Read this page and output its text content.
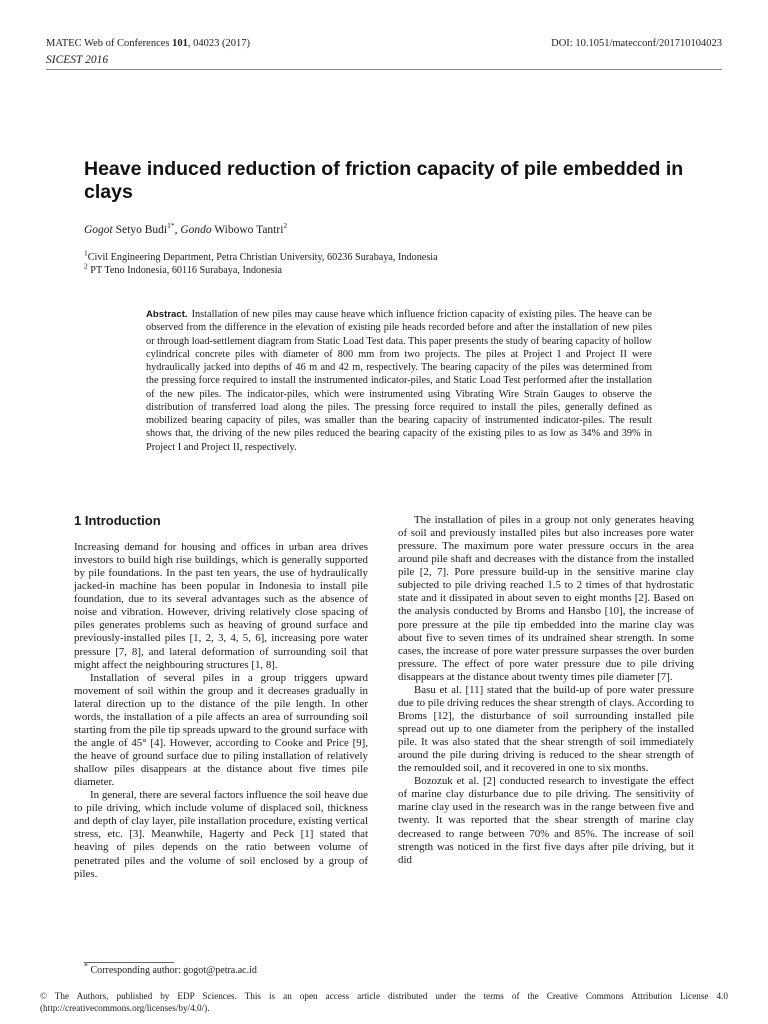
MATEC Web of Conferences 101, 04023 (2017)	DOI: 10.1051/matecconf/201710104023
SICEST 2016
Heave induced reduction of friction capacity of pile embedded in clays
Gogot Setyo Budi$^{1*}$, Gondo Wibowo Tantri$^2$
$^1$Civil Engineering Department, Petra Christian University, 60236 Surabaya, Indonesia
$^2$ PT Teno Indonesia, 60116 Surabaya, Indonesia
Abstract. Installation of new piles may cause heave which influence friction capacity of existing piles. The heave can be observed from the difference in the elevation of existing pile heads recorded before and after the installation of new piles or through load-settlement diagram from Static Load Test data. This paper presents the study of bearing capacity of hollow cylindrical concrete piles with diameter of 800 mm from two projects. The piles at Project I and Project II were hydraulically jacked into depths of 46 m and 42 m, respectively. The bearing capacity of the piles was determined from the pressing force required to install the instrumented indicator-piles, and Static Load Test performed after the installation of the new piles. The indicator-piles, which were instrumented using Vibrating Wire Strain Gauges to observe the distribution of transferred load along the piles. The pressing force required to install the piles, generally defined as mobilized bearing capacity of piles, was smaller than the bearing capacity of instrumented indicator-piles. The result shows that, the driving of the new piles reduced the bearing capacity of the existing piles to as low as 34% and 39% in Project I and Project II, respectively.
1 Introduction

Increasing demand for housing and offices in urban area drives investors to build high rise buildings, which is generally supported by pile foundations. In the past ten years, the use of hydraulically jacked-in machine has been popular in Indonesia to install pile foundation, due to its several advantages such as the absence of noise and vibration. However, driving relatively close spacing of piles generates problems such as heaving of ground surface and previously-installed piles [1, 2, 3, 4, 5, 6], increasing pore water pressure [7, 8], and lateral deformation of surrounding soil that might affect the neighbouring structures [1, 8].

Installation of several piles in a group triggers upward movement of soil within the group and it decreases gradually in lateral direction up to the distance of the pile length. In other words, the installation of a pile affects an area of surrounding soil starting from the pile tip spreads upward to the ground surface with the angle of 45° [4]. However, according to Cooke and Price [9], the heave of ground surface due to piling installation of relatively shallow piles disappears at the distance about five times pile diameter.

In general, there are several factors influence the soil heave due to pile driving, which include volume of displaced soil, thickness and depth of clay layer, pile installation procedure, existing vertical stress, etc. [3]. Meanwhile, Hagerty and Peck [1] stated that heaving of piles depends on the ratio between volume of penetrated piles and the volume of soil enclosed by a group of piles.

The installation of piles in a group not only generates heaving of soil and previously installed piles but also increases pore water pressure. The maximum pore water pressure occurs in the area around pile shaft and decreases with the distance from the installed pile [2, 7]. Pore pressure build-up in the sensitive marine clay subjected to pile driving reached 1.5 to 2 times of that hydrostatic state and it dissipated in about seven to eight months [2]. Based on the analysis conducted by Broms and Hansbo [10], the increase of pore pressure at the pile tip embedded into the marine clay was about five to seven times of its undrained shear strength. In some cases, the increase of pore water pressure surpasses the over burden pressure. The effect of pore water pressure due to pile driving disappears at the distance about twenty times pile diameter [7].

Basu et al. [11] stated that the build-up of pore water pressure due to pile driving reduces the shear strength of clays. According to Broms [12], the disturbance of soil surrounding installed pile spread out up to one diameter from the periphery of the installed pile. It was also stated that the shear strength of soil immediately around the pile during driving is reduced to the shear strength of the remoulded soil, and it recovered in one to six months.

Bozozuk et al. [2] conducted research to investigate the effect of marine clay disturbance due to pile driving. The sensitivity of marine clay used in the research was in the range between five and twenty. It was reported that the shear strength of marine clay decreased to range between 70% and 85%. The increase of soil strength was noticed in the first five days after pile driving, but it did

* Corresponding author: gogot@petra.ac.id
© The Authors, published by EDP Sciences. This is an open access article distributed under the terms of the Creative Commons Attribution License 4.0 (http://creativecommons.org/licenses/by/4.0/).
